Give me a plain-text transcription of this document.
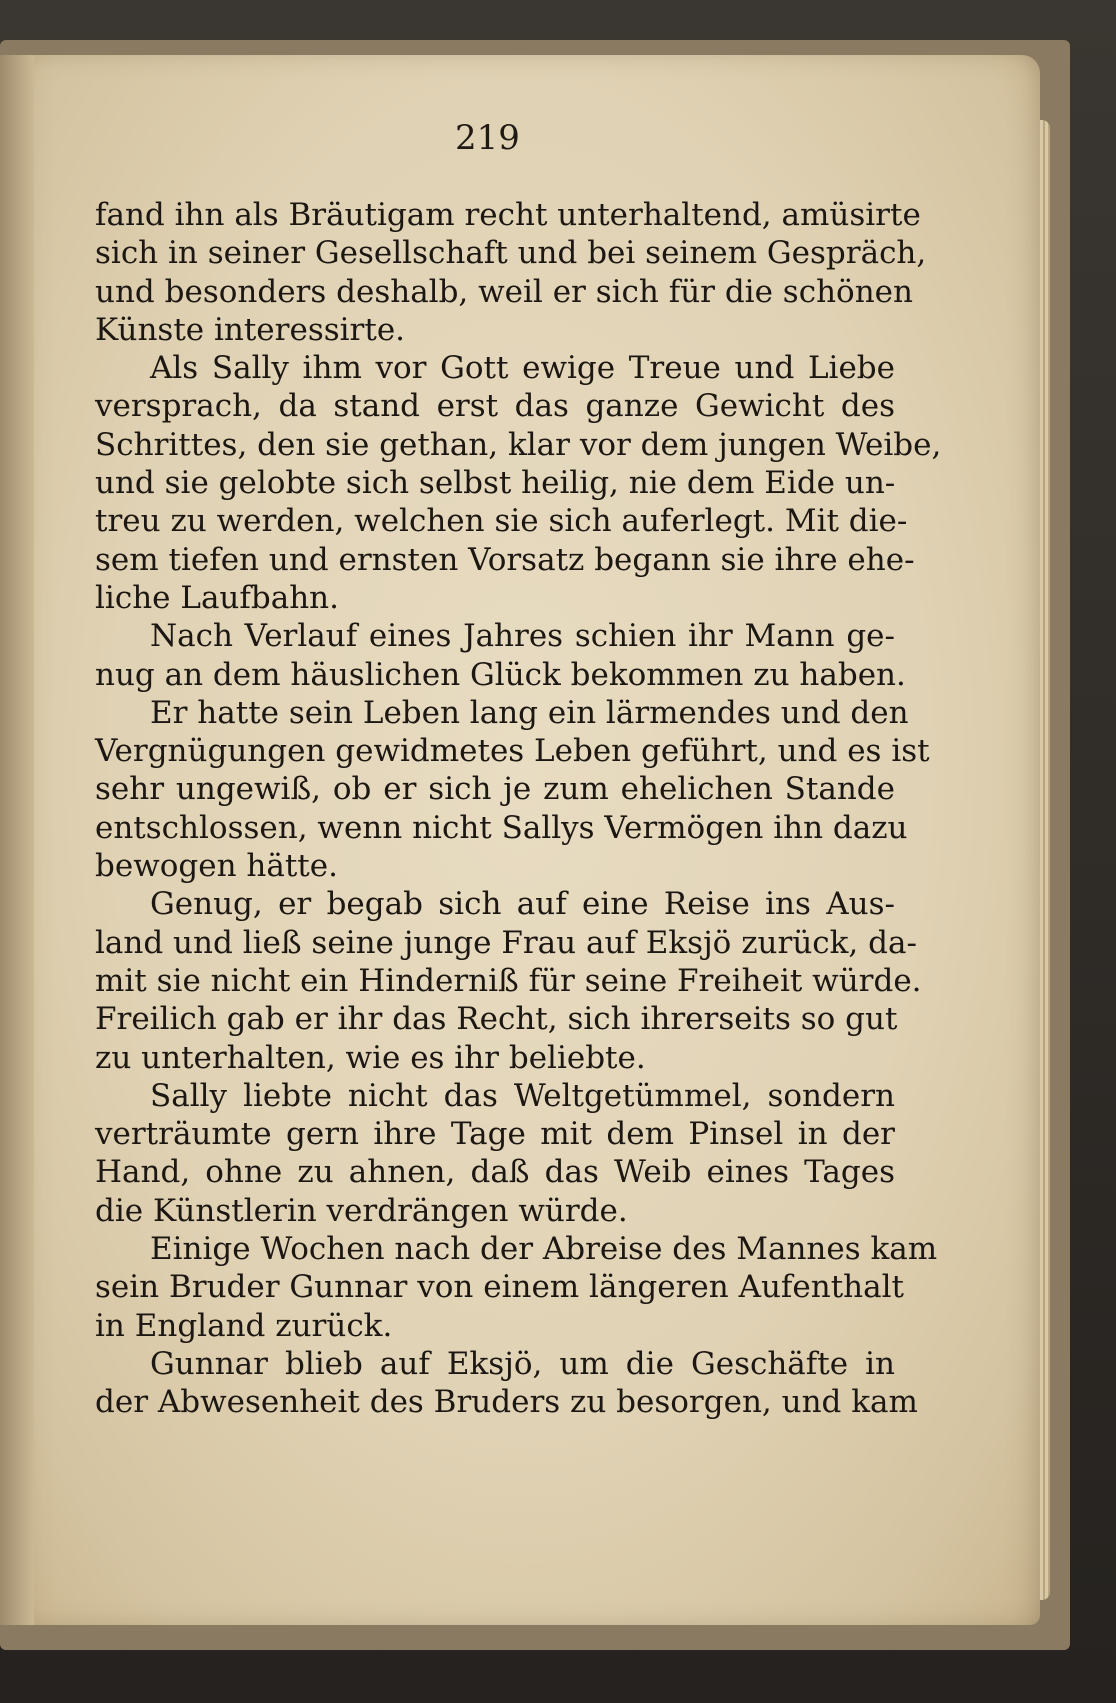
219
fand ihn als Bräutigam recht unterhaltend, amüsirte
sich in seiner Gesellschaft und bei seinem Gespräch,
und besonders deshalb, weil er sich für die schönen
Künste interessirte.
Als Sally ihm vor Gott ewige Treue und Liebe
versprach, da stand erst das ganze Gewicht des
Schrittes, den sie gethan, klar vor dem jungen Weibe,
und sie gelobte sich selbst heilig, nie dem Eide un-
treu zu werden, welchen sie sich auferlegt. Mit die-
sem tiefen und ernsten Vorsatz begann sie ihre ehe-
liche Laufbahn.
Nach Verlauf eines Jahres schien ihr Mann ge-
nug an dem häuslichen Glück bekommen zu haben.
Er hatte sein Leben lang ein lärmendes und den
Vergnügungen gewidmetes Leben geführt, und es ist
sehr ungewiß, ob er sich je zum ehelichen Stande
entschlossen, wenn nicht Sallys Vermögen ihn dazu
bewogen hätte.
Genug, er begab sich auf eine Reise ins Aus-
land und ließ seine junge Frau auf Eksjö zurück, da-
mit sie nicht ein Hinderniß für seine Freiheit würde.
Freilich gab er ihr das Recht, sich ihrerseits so gut
zu unterhalten, wie es ihr beliebte.
Sally liebte nicht das Weltgetümmel, sondern
verträumte gern ihre Tage mit dem Pinsel in der
Hand, ohne zu ahnen, daß das Weib eines Tages
die Künstlerin verdrängen würde.
Einige Wochen nach der Abreise des Mannes kam
sein Bruder Gunnar von einem längeren Aufenthalt
in England zurück.
Gunnar blieb auf Eksjö, um die Geschäfte in
der Abwesenheit des Bruders zu besorgen, und kam
